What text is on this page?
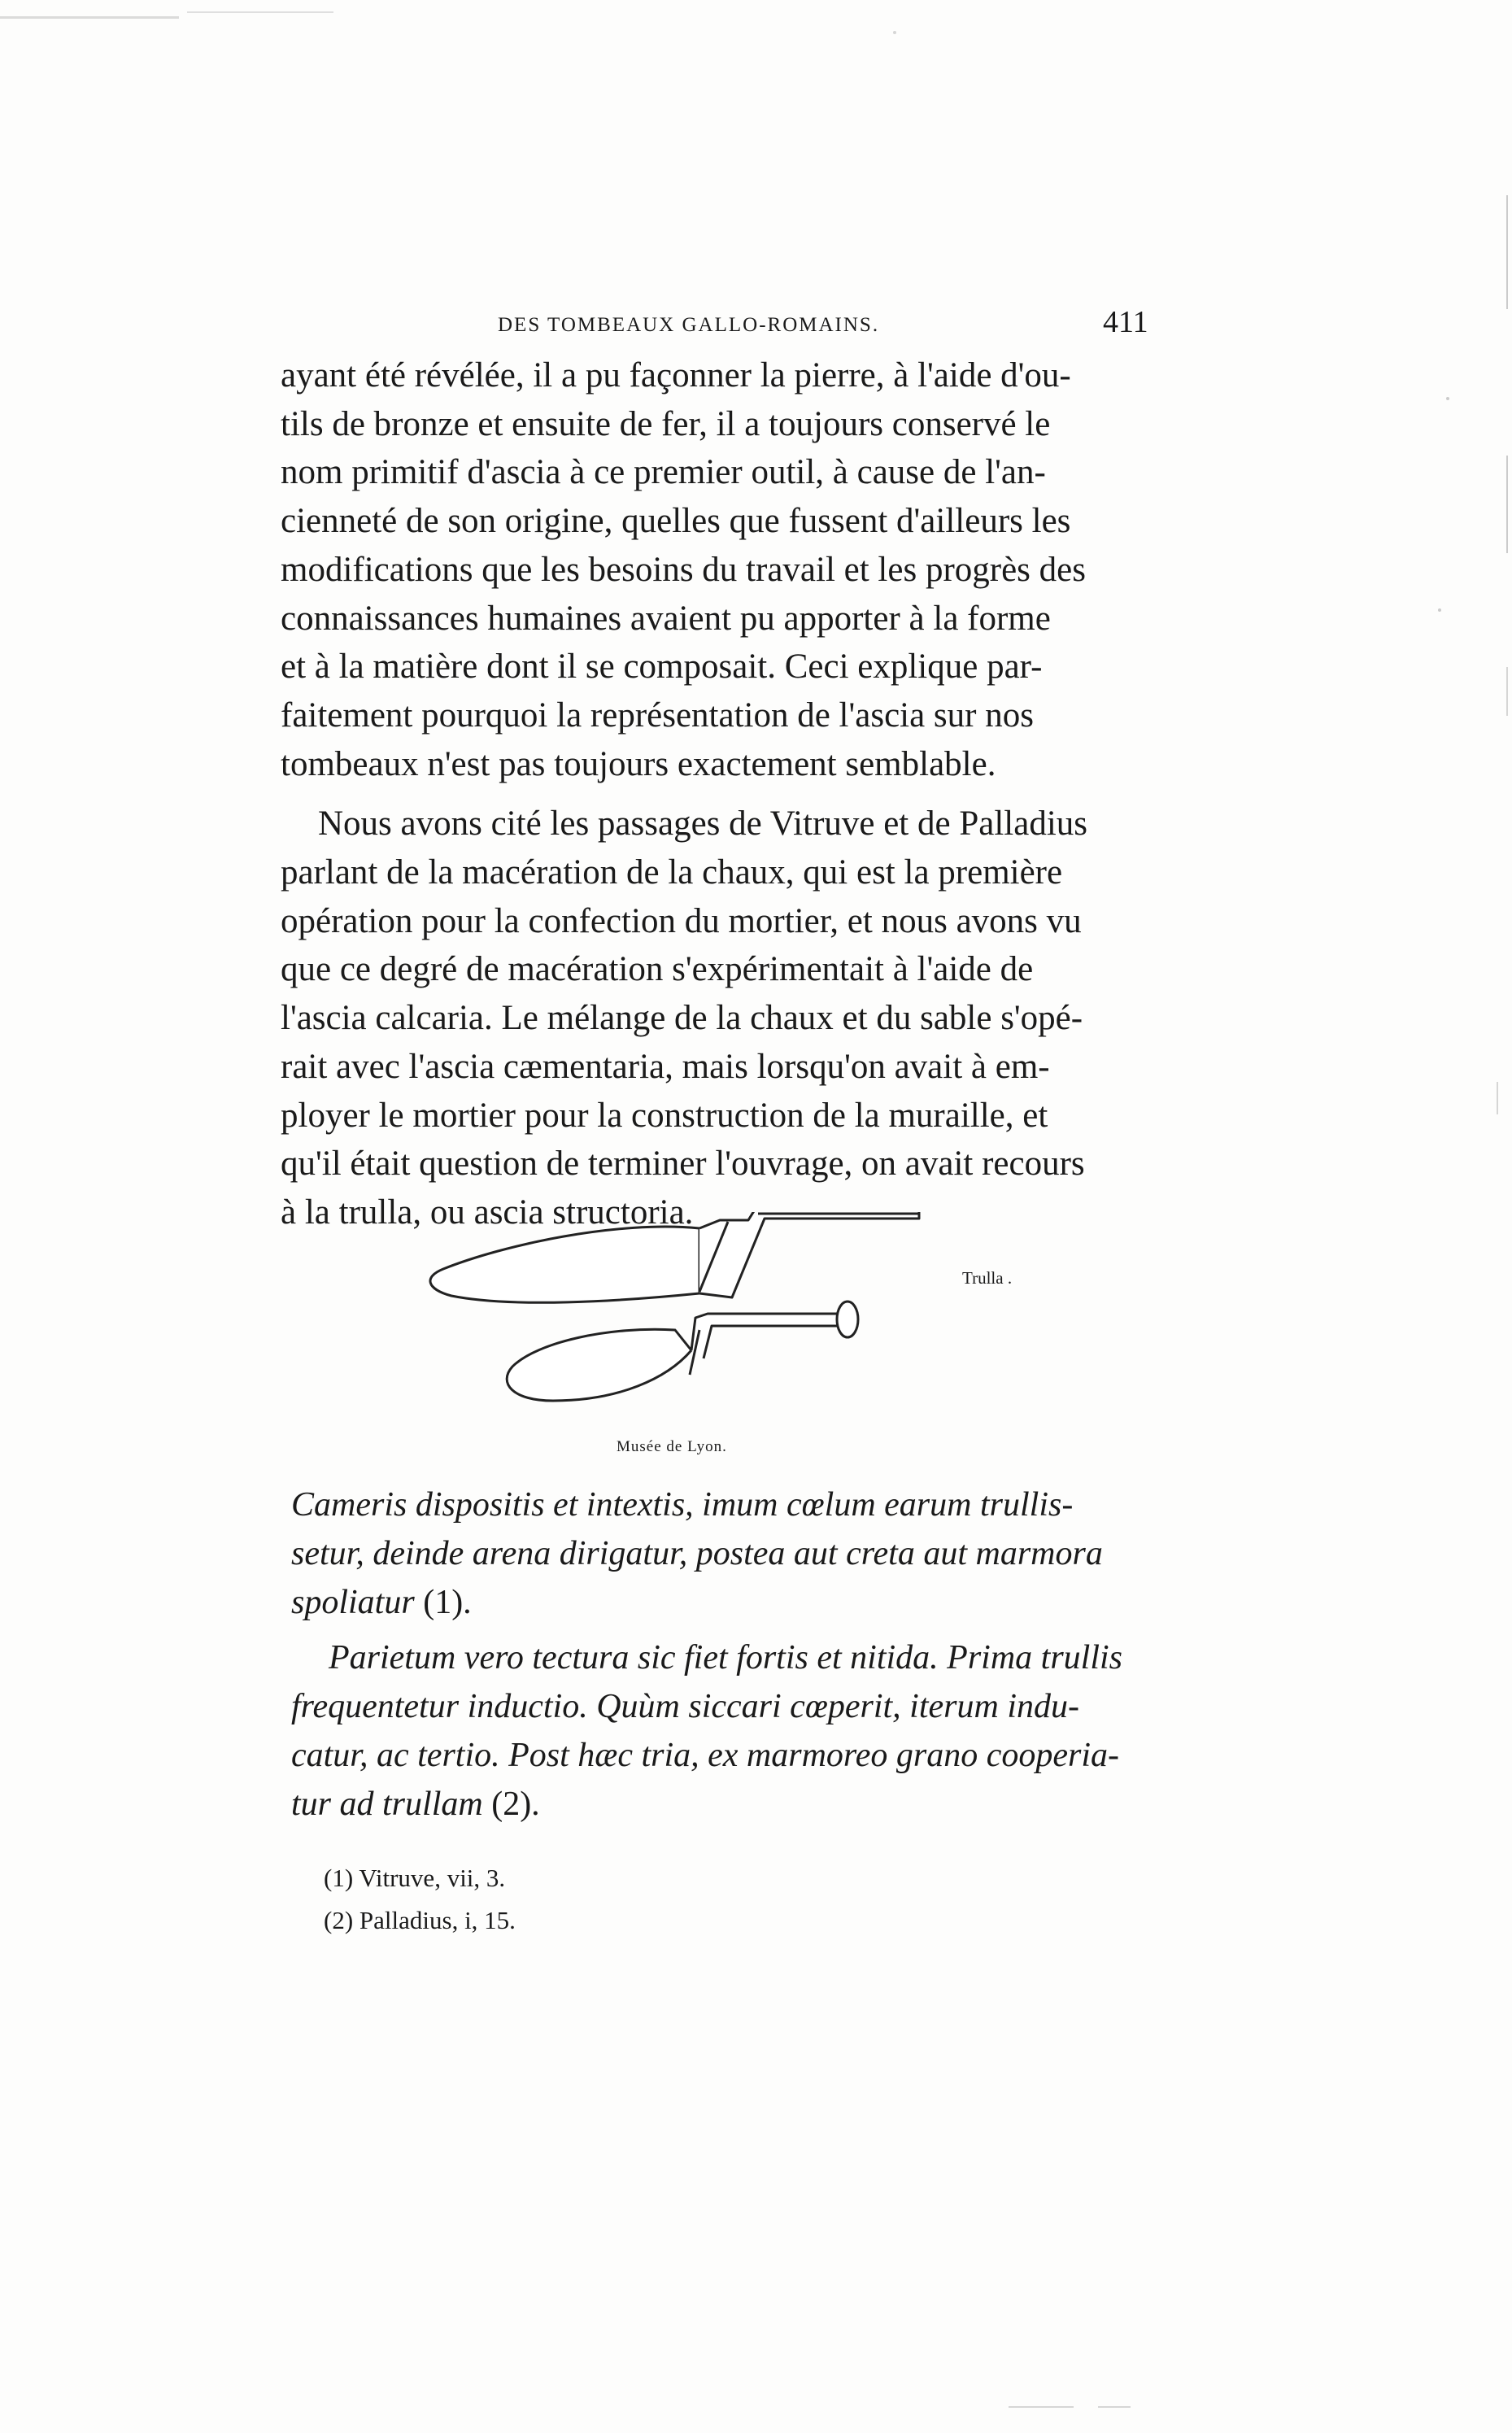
DES TOMBEAUX GALLO-ROMAINS.	411

ayant été révélée, il a pu façonner la pierre, à l'aide d'ou-
tils de bronze et ensuite de fer, il a toujours conservé le
nom primitif d'ascia à ce premier outil, à cause de l'an-
cienneté de son origine, quelles que fussent d'ailleurs les
modifications que les besoins du travail et les progrès des
connaissances humaines avaient pu apporter à la forme
et à la matière dont il se composait. Ceci explique par-
faitement pourquoi la représentation de l'ascia sur nos
tombeaux n'est pas toujours exactement semblable.

Nous avons cité les passages de Vitruve et de Palladius
parlant de la macération de la chaux, qui est la première
opération pour la confection du mortier, et nous avons vu
que ce degré de macération s'expérimentait à l'aide de
l'ascia calcaria. Le mélange de la chaux et du sable s'opé-
rait avec l'ascia cæmentaria, mais lorsqu'on avait à em-
ployer le mortier pour la construction de la muraille, et
qu'il était question de terminer l'ouvrage, on avait recours
à la trulla, ou ascia structoria.

Trulla .
Musée de Lyon.

Cameris dispositis et intextis, imum cœlum earum trullis-
setur, deinde arena dirigatur, postea aut creta aut marmora
spoliatur (1).

Parietum vero tectura sic fiet fortis et nitida. Prima trullis
frequentetur inductio. Quùm siccari cœperit, iterum indu-
catur, ac tertio. Post hæc tria, ex marmoreo grano cooperia-
tur ad trullam (2).

(1) Vitruve, vii, 3.
(2) Palladius, i, 15.
